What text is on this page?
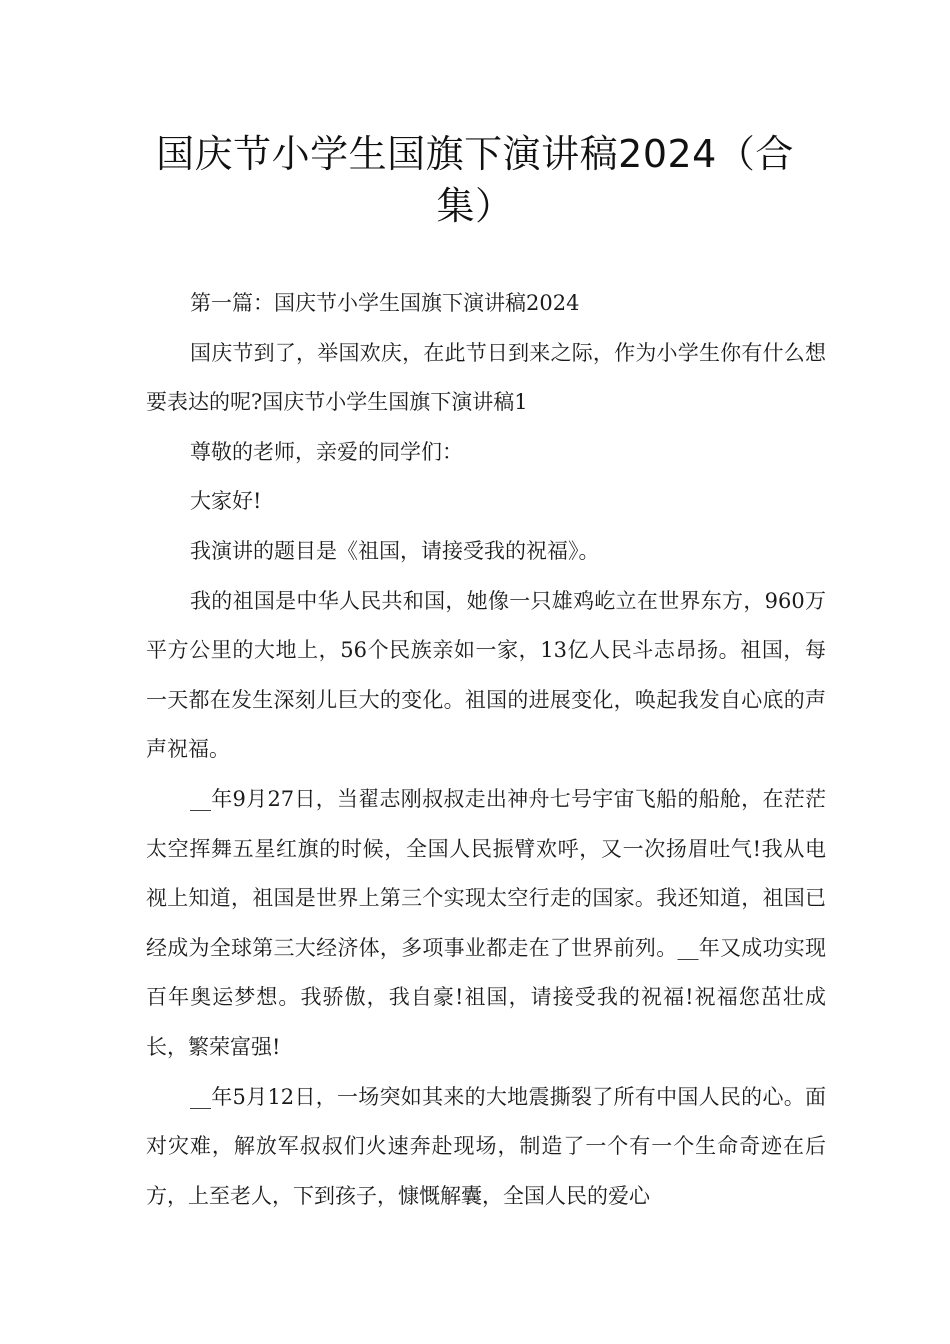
国庆节小学生国旗下演讲稿2024（合集）

第一篇：国庆节小学生国旗下演讲稿2024

国庆节到了，举国欢庆，在此节日到来之际，作为小学生你有什么想要表达的呢?国庆节小学生国旗下演讲稿1

尊敬的老师，亲爱的同学们：

大家好!

我演讲的题目是《祖国，请接受我的祝福》。

我的祖国是中华人民共和国，她像一只雄鸡屹立在世界东方，960万平方公里的大地上，56个民族亲如一家，13亿人民斗志昂扬。祖国，每一天都在发生深刻儿巨大的变化。祖国的进展变化，唤起我发自心底的声声祝福。

__年9月27日，当翟志刚叔叔走出神舟七号宇宙飞船的船舱，在茫茫太空挥舞五星红旗的时候，全国人民振臂欢呼，又一次扬眉吐气!我从电视上知道，祖国是世界上第三个实现太空行走的国家。我还知道，祖国已经成为全球第三大经济体，多项事业都走在了世界前列。__年又成功实现百年奥运梦想。我骄傲，我自豪!祖国，请接受我的祝福!祝福您茁壮成长，繁荣富强!

__年5月12日，一场突如其来的大地震撕裂了所有中国人民的心。面对灾难，解放军叔叔们火速奔赴现场，制造了一个有一个生命奇迹在后方，上至老人，下到孩子，慷慨解囊，全国人民的爱心
